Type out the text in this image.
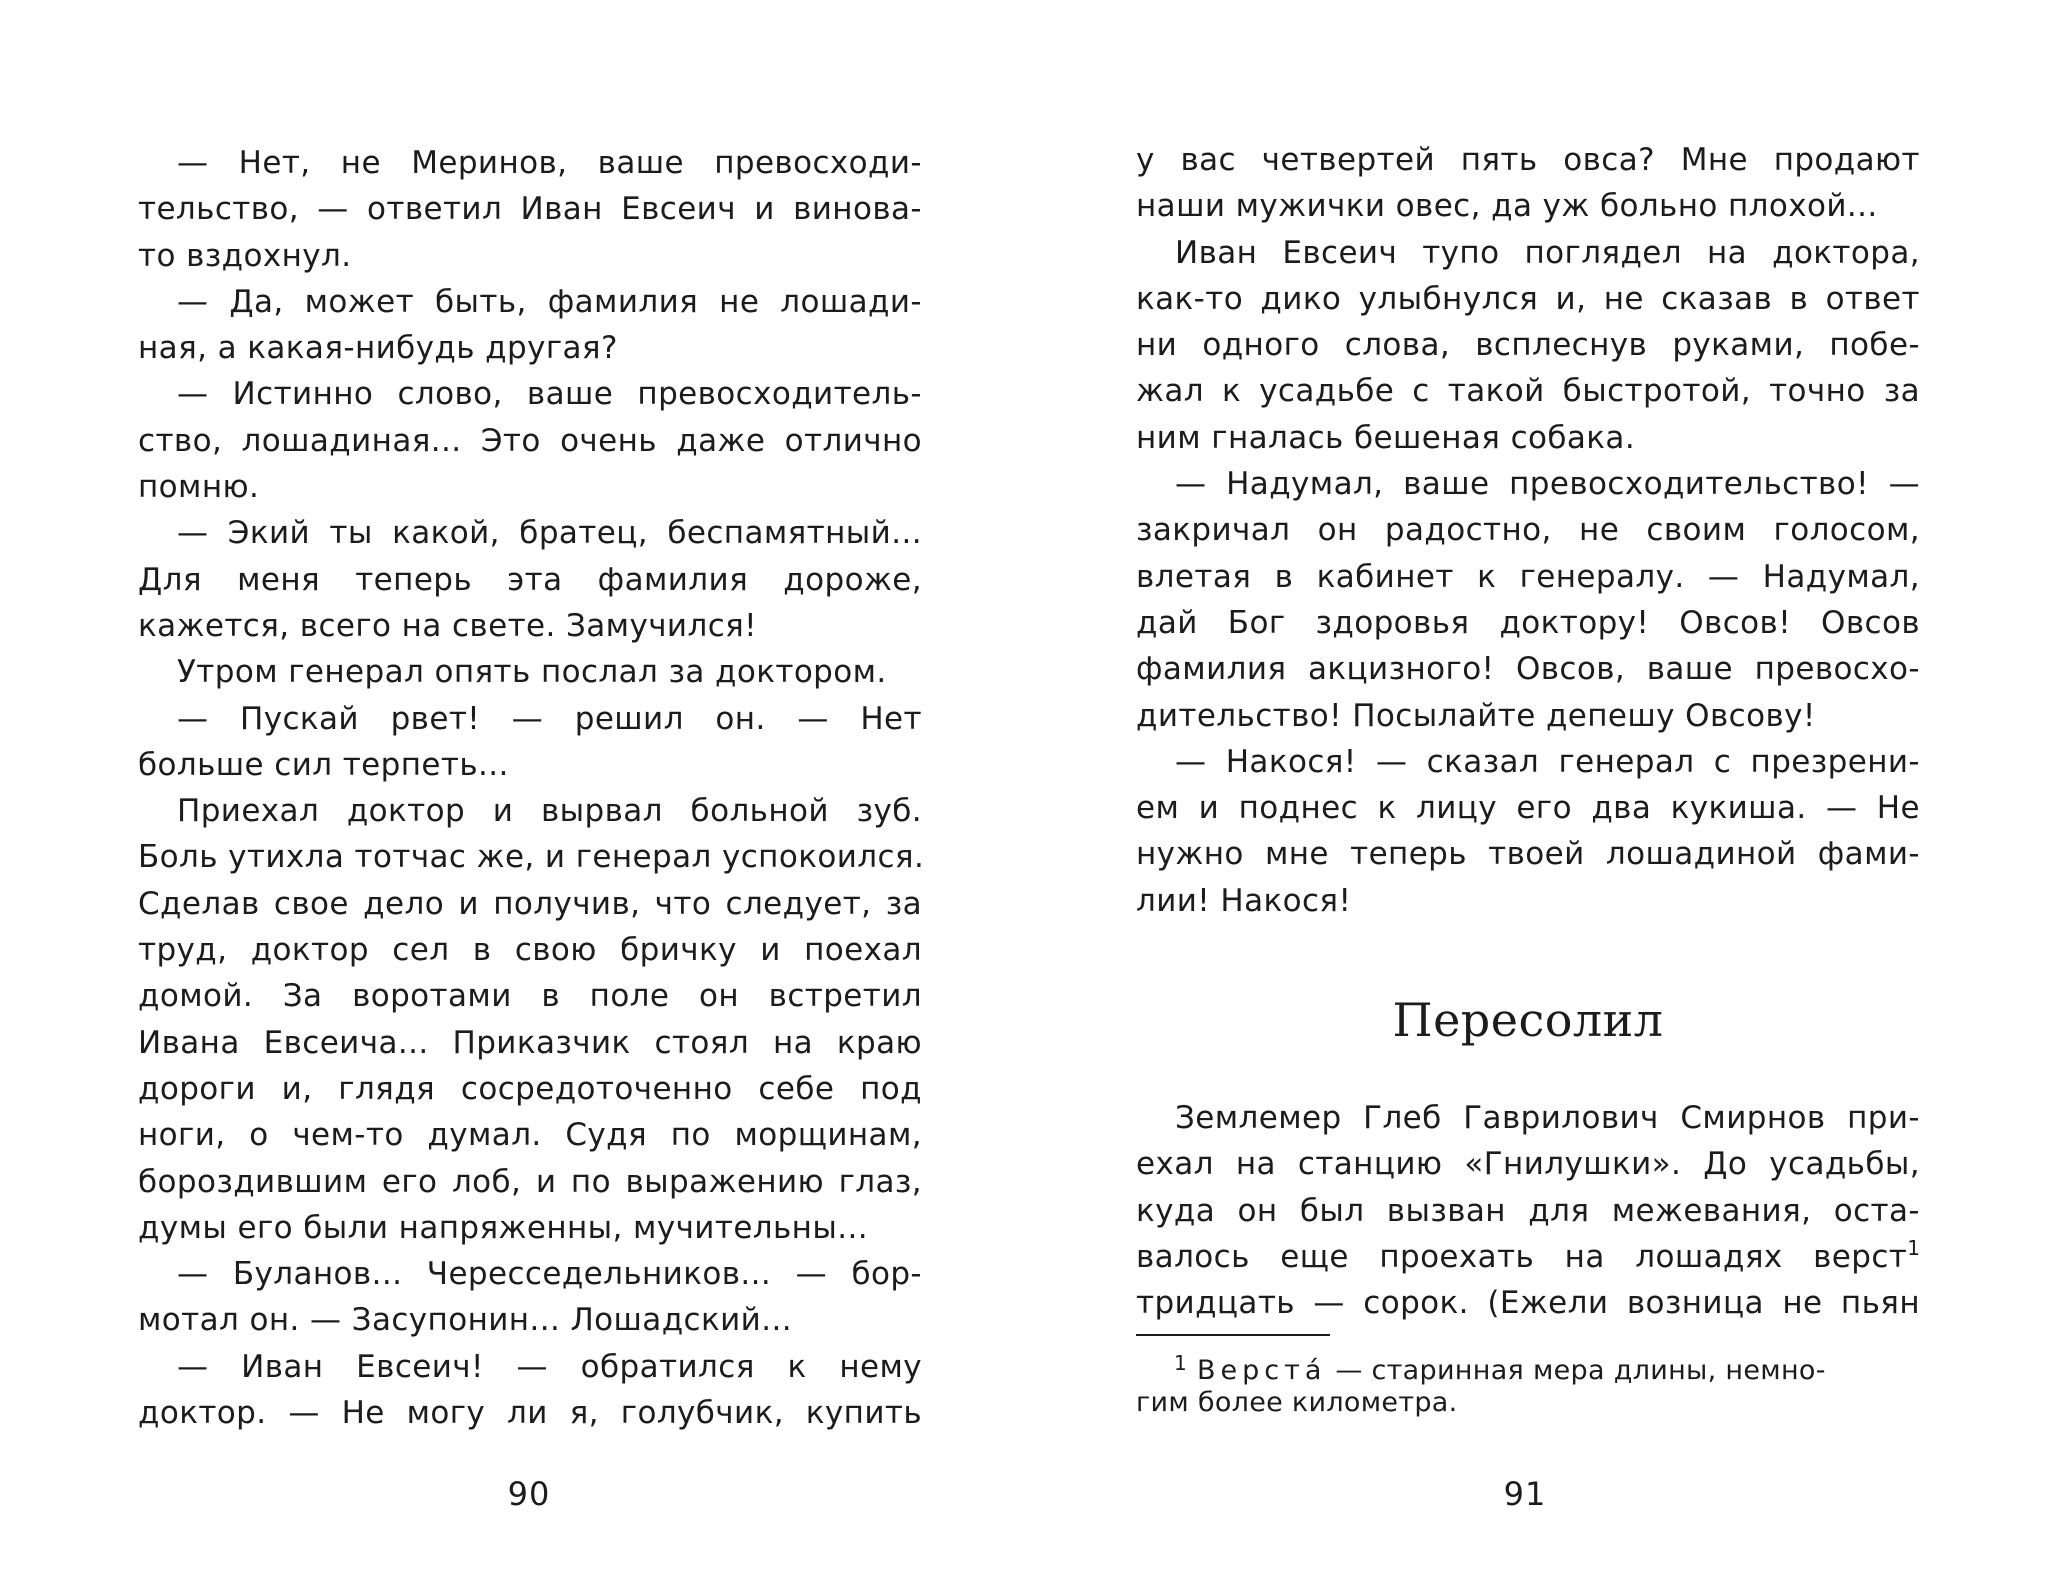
— Нет, не Меринов, ваше превосходи-
тельство, — ответил Иван Евсеич и винова-
то вздохнул.
— Да, может быть, фамилия не лошади-
ная, а какая-нибудь другая?
— Истинно слово, ваше превосходитель-
ство, лошадиная... Это очень даже отлично
помню.
— Экий ты какой, братец, беспамятный...
Для меня теперь эта фамилия дороже,
кажется, всего на свете. Замучился!
Утром генерал опять послал за доктором.
— Пускай рвет! — решил он. — Нет
больше сил терпеть...
Приехал доктор и вырвал больной зуб.
Боль утихла тотчас же, и генерал успокоился.
Сделав свое дело и получив, что следует, за
труд, доктор сел в свою бричку и поехал
домой. За воротами в поле он встретил
Ивана Евсеича... Приказчик стоял на краю
дороги и, глядя сосредоточенно себе под
ноги, о чем-то думал. Судя по морщинам,
бороздившим его лоб, и по выражению глаз,
думы его были напряженны, мучительны...
— Буланов... Чересседельников... — бор-
мотал он. — Засупонин... Лошадский...
— Иван Евсеич! — обратился к нему
доктор. — Не могу ли я, голубчик, купить
90
у вас четвертей пять овса? Мне продают
наши мужички овес, да уж больно плохой...
Иван Евсеич тупо поглядел на доктора,
как-то дико улыбнулся и, не сказав в ответ
ни одного слова, всплеснув руками, побе-
жал к усадьбе с такой быстротой, точно за
ним гналась бешеная собака.
— Надумал, ваше превосходительство! —
закричал он радостно, не своим голосом,
влетая в кабинет к генералу. — Надумал,
дай Бог здоровья доктору! Овсов! Овсов
фамилия акцизного! Овсов, ваше превосхо-
дительство! Посылайте депешу Овсову!
— Накося! — сказал генерал с презрени-
ем и поднес к лицу его два кукиша. — Не
нужно мне теперь твоей лошадиной фами-
лии! Накося!
Пересолил
Землемер Глеб Гаврилович Смирнов при-
ехал на станцию «Гнилушки». До усадьбы,
куда он был вызван для межевания, оста-
валось еще проехать на лошадях верст$^1$
тридцать — сорок. (Ежели возница не пьян
$^1$ Верстá — старинная мера длины, немно-
гим более километра.
91
